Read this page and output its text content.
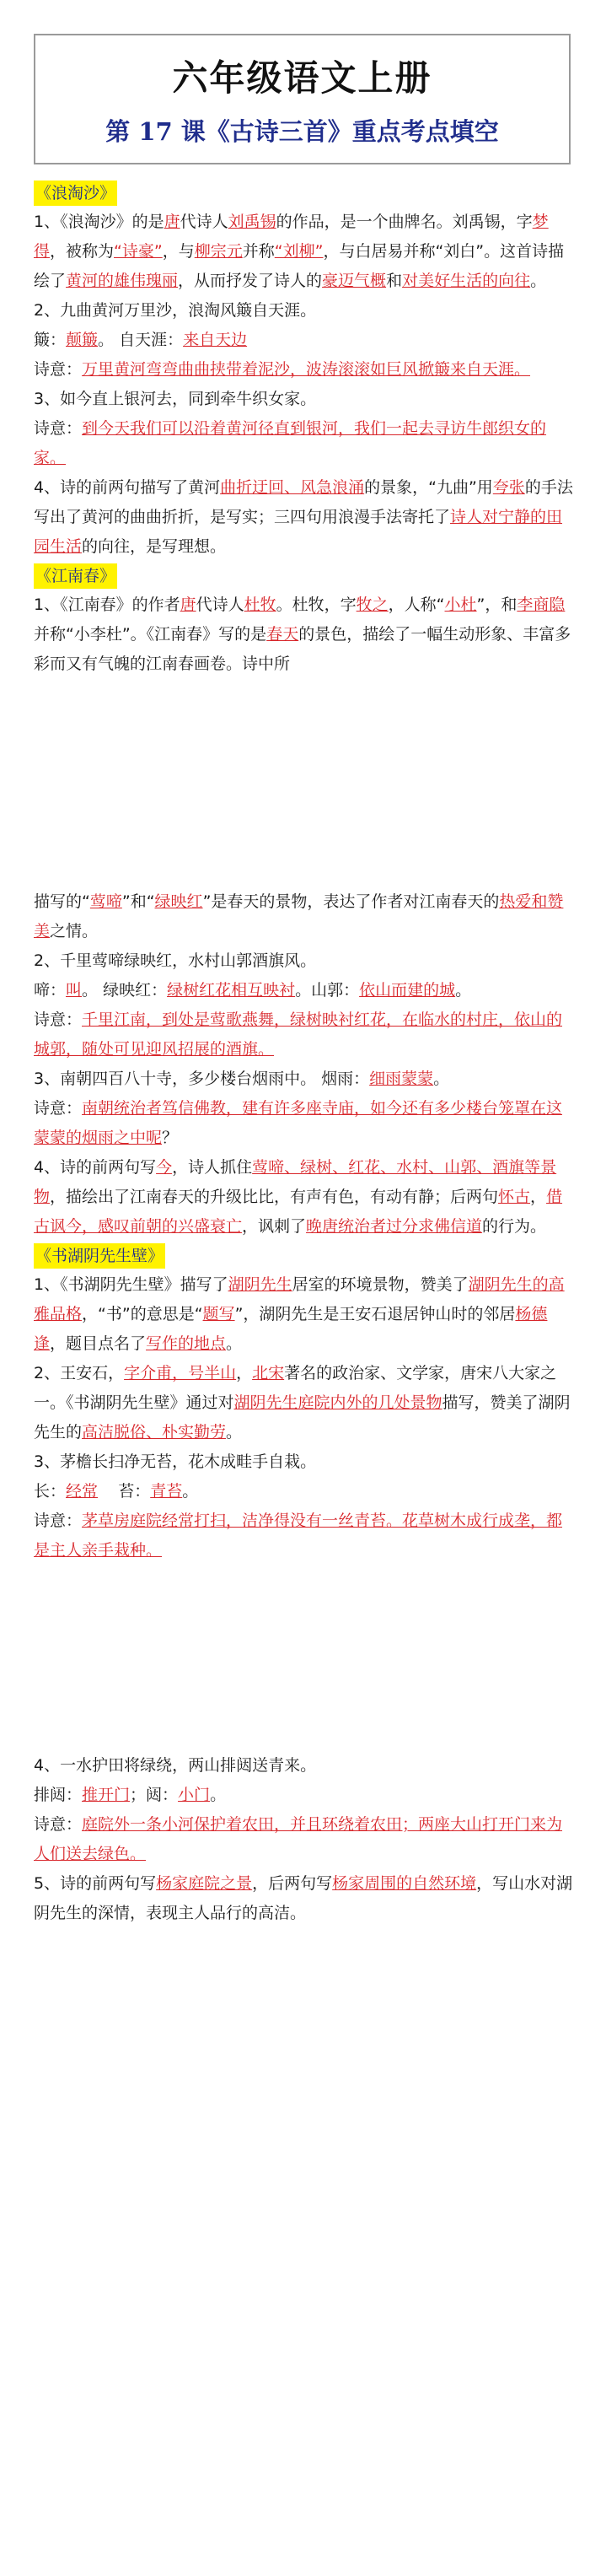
六年级语文上册
第 17 课《古诗三首》重点考点填空
《浪淘沙》

1、《浪淘沙》的是唐代诗人刘禹锡的作品，是一个曲牌名。刘禹锡，字梦得，被称为“诗豪”，与柳宗元并称“刘柳”，与白居易并称“刘白”。这首诗描绘了黄河的雄伟瑰丽，从而抒发了诗人的豪迈气概和对美好生活的向往。

2、九曲黄河万里沙，浪淘风簸自天涯。

簸：颠簸。 自天涯：来自天边

诗意：万里黄河弯弯曲曲挟带着泥沙，波涛滚滚如巨风掀簸来自天涯。

3、如今直上银河去，同到牵牛织女家。

诗意：到今天我们可以沿着黄河径直到银河，我们一起去寻访牛郎织女的家。

4、诗的前两句描写了黄河曲折迂回、风急浪涌的景象，“九曲”用夸张的手法写出了黄河的曲曲折折，是写实；三四句用浪漫手法寄托了诗人对宁静的田园生活的向往，是写理想。

《江南春》

1、《江南春》的作者唐代诗人杜牧。杜牧，字牧之，人称“小杜”，和李商隐并称“小李杜”。《江南春》写的是春天的景色，描绘了一幅生动形象、丰富多彩而又有气魄的江南春画卷。诗中所

描写的“莺啼”和“绿映红”是春天的景物，表达了作者对江南春天的热爱和赞美之情。

2、千里莺啼绿映红，水村山郭酒旗风。

啼：叫。 绿映红：绿树红花相互映衬。山郭：依山而建的城。

诗意：千里江南，到处是莺歌燕舞，绿树映衬红花，在临水的村庄，依山的城郭，随处可见迎风招展的酒旗。

3、南朝四百八十寺，多少楼台烟雨中。 烟雨：细雨蒙蒙。

诗意：南朝统治者笃信佛教，建有许多座寺庙，如今还有多少楼台笼罩在这蒙蒙的烟雨之中呢？

4、诗的前两句写今，诗人抓住莺啼、绿树、红花、水村、山郭、酒旗等景物，描绘出了江南春天的升级比比，有声有色，有动有静；后两句怀古，借古讽今，感叹前朝的兴盛衰亡，讽刺了晚唐统治者过分求佛信道的行为。

《书湖阴先生壁》

1、《书湖阴先生壁》描写了湖阴先生居室的环境景物，赞美了湖阴先生的高雅品格，“书”的意思是“题写”，湖阴先生是王安石退居钟山时的邻居杨德逢，题目点名了写作的地点。

2、王安石，字介甫，号半山，北宋著名的政治家、文学家，唐宋八大家之一。《书湖阴先生壁》通过对湖阴先生庭院内外的几处景物描写，赞美了湖阴先生的高洁脱俗、朴实勤劳。

3、茅檐长扫净无苔，花木成畦手自栽。

长：经常 苔：青苔。

诗意：茅草房庭院经常打扫，洁净得没有一丝青苔。花草树木成行成垄，都是主人亲手栽种。

4、一水护田将绿绕，两山排闼送青来。

排闼：推开门；闼：小门。

诗意：庭院外一条小河保护着农田，并且环绕着农田；两座大山打开门来为人们送去绿色。

5、诗的前两句写杨家庭院之景，后两句写杨家周围的自然环境，写山水对湖阴先生的深情，表现主人品行的高洁。
